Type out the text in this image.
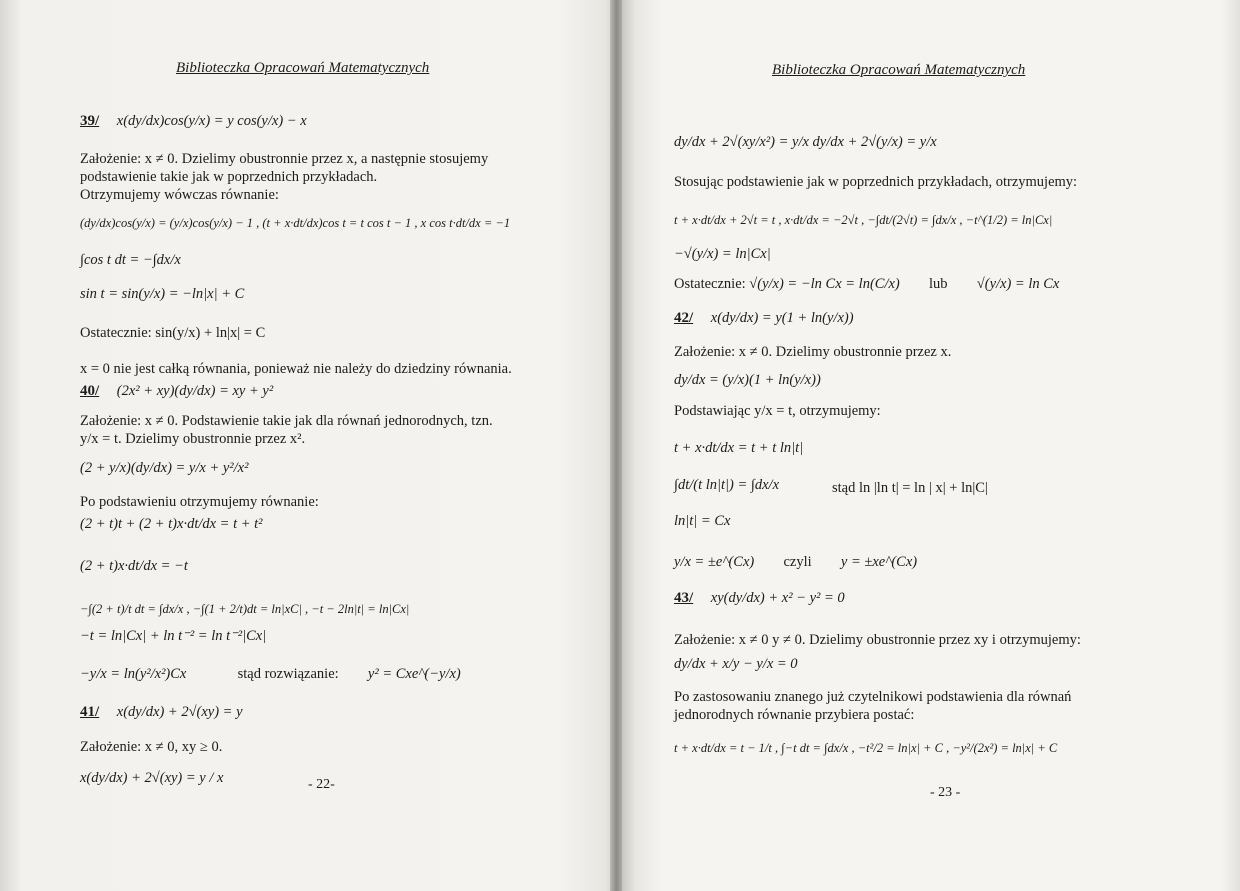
Biblioteczka Opracowań Matematycznych
39/ x(dy/dx)cos(y/x) = y cos(y/x) − x
Założenie: x ≠ 0. Dzielimy obustronnie przez x, a następnie stosujemy
podstawienie takie jak w poprzednich przykładach.
Otrzymujemy wówczas równanie:
(dy/dx)cos(y/x) = (y/x)cos(y/x) − 1 , (t + x·dt/dx)cos t = t cos t − 1 , x cos t·dt/dx = −1
∫cos t dt = −∫dx/x
sin t = sin(y/x) = −ln|x| + C
Ostatecznie: sin(y/x) + ln|x| = C
x = 0 nie jest całką równania, ponieważ nie należy do dziedziny równania.
40/ (2x² + xy)(dy/dx) = xy + y²
Założenie: x ≠ 0. Podstawienie takie jak dla równań jednorodnych, tzn.
y/x = t. Dzielimy obustronnie przez x².
(2 + y/x)(dy/dx) = y/x + y²/x²
Po podstawieniu otrzymujemy równanie:
(2 + t)t + (2 + t)x·dt/dx = t + t²
(2 + t)x·dt/dx = −t
−∫(2 + t)/t dt = ∫dx/x , −∫(1 + 2/t)dt = ln|xC| , −t − 2ln|t| = ln|Cx|
−t = ln|Cx| + ln t⁻² = ln t⁻²|Cx|
−y/x = ln(y²/x²)Cx	stąd rozwiązanie: y² = Cxe^(−y/x)
41/ x(dy/dx) + 2√(xy) = y
Założenie: x ≠ 0, xy ≥ 0.
x(dy/dx) + 2√(xy) = y / x	- 22-
Biblioteczka Opracowań Matematycznych
dy/dx + 2√(xy/x²) = y/x dy/dx + 2√(y/x) = y/x
Stosując podstawienie jak w poprzednich przykładach, otrzymujemy:
t + x·dt/dx + 2√t = t , x·dt/dx = −2√t , −∫dt/(2√t) = ∫dx/x , −t^(1/2) = ln|Cx|
−√(y/x) = ln|Cx|
Ostatecznie: √(y/x) = −ln Cx = ln(C/x) lub √(y/x) = ln Cx
42/ x(dy/dx) = y(1 + ln(y/x))
Założenie: x ≠ 0. Dzielimy obustronnie przez x.
dy/dx = (y/x)(1 + ln(y/x))
Podstawiając y/x = t, otrzymujemy:
t + x·dt/dx = t + t ln|t|
∫dt/(t ln|t|) = ∫dx/x	stąd ln |ln t| = ln | x| + ln|C|
ln|t| = Cx
y/x = ±e^(Cx) czyli y = ±xe^(Cx)
43/ xy(dy/dx) + x² − y² = 0
Założenie: x ≠ 0 y ≠ 0. Dzielimy obustronnie przez xy i otrzymujemy:
dy/dx + x/y − y/x = 0
Po zastosowaniu znanego już czytelnikowi podstawienia dla równań
jednorodnych równanie przybiera postać:
t + x·dt/dx = t − 1/t , ∫−t dt = ∫dx/x , −t²/2 = ln|x| + C , −y²/(2x²) = ln|x| + C
- 23 -
